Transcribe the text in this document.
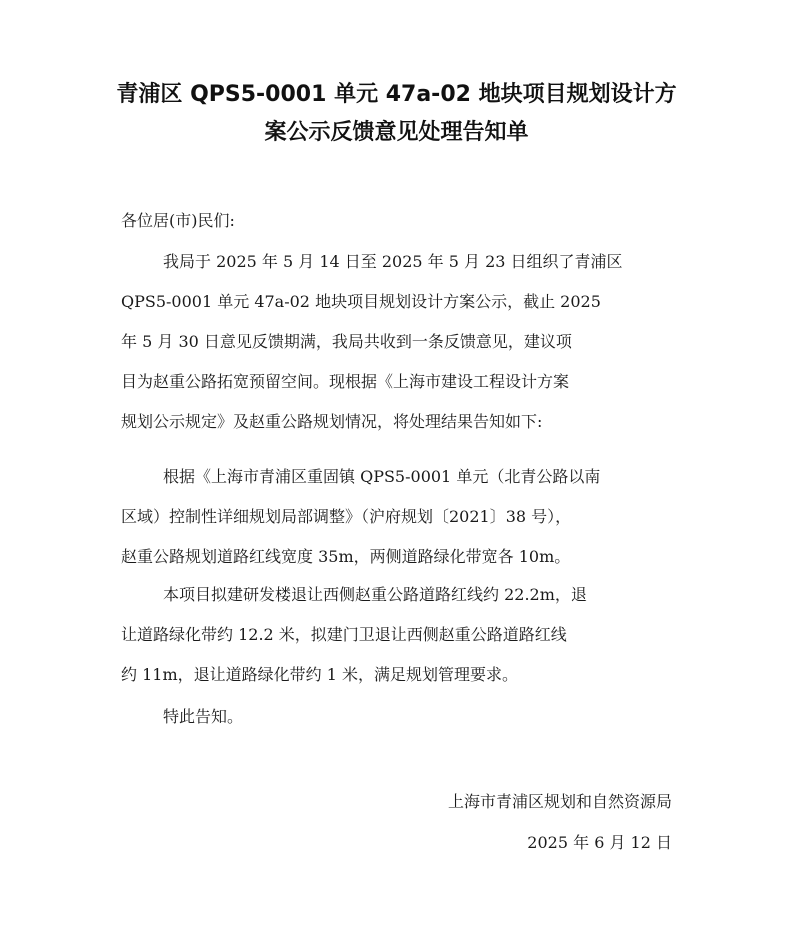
青浦区 QPS5-0001 单元 47a-02 地块项目规划设计方
案公示反馈意见处理告知单
各位居(市)民们:
我局于 2025 年 5 月 14 日至 2025 年 5 月 23 日组织了青浦区
QPS5-0001 单元 47a-02 地块项目规划设计方案公示，截止 2025
年 5 月 30 日意见反馈期满，我局共收到一条反馈意见，建议项
目为赵重公路拓宽预留空间。现根据《上海市建设工程设计方案
规划公示规定》及赵重公路规划情况，将处理结果告知如下:
根据《上海市青浦区重固镇 QPS5-0001 单元（北青公路以南
区域）控制性详细规划局部调整》（沪府规划〔2021〕38 号），
赵重公路规划道路红线宽度 35m，两侧道路绿化带宽各 10m。
本项目拟建研发楼退让西侧赵重公路道路红线约 22.2m，退
让道路绿化带约 12.2 米，拟建门卫退让西侧赵重公路道路红线
约 11m，退让道路绿化带约 1 米，满足规划管理要求。
特此告知。
上海市青浦区规划和自然资源局
2025 年 6 月 12 日
